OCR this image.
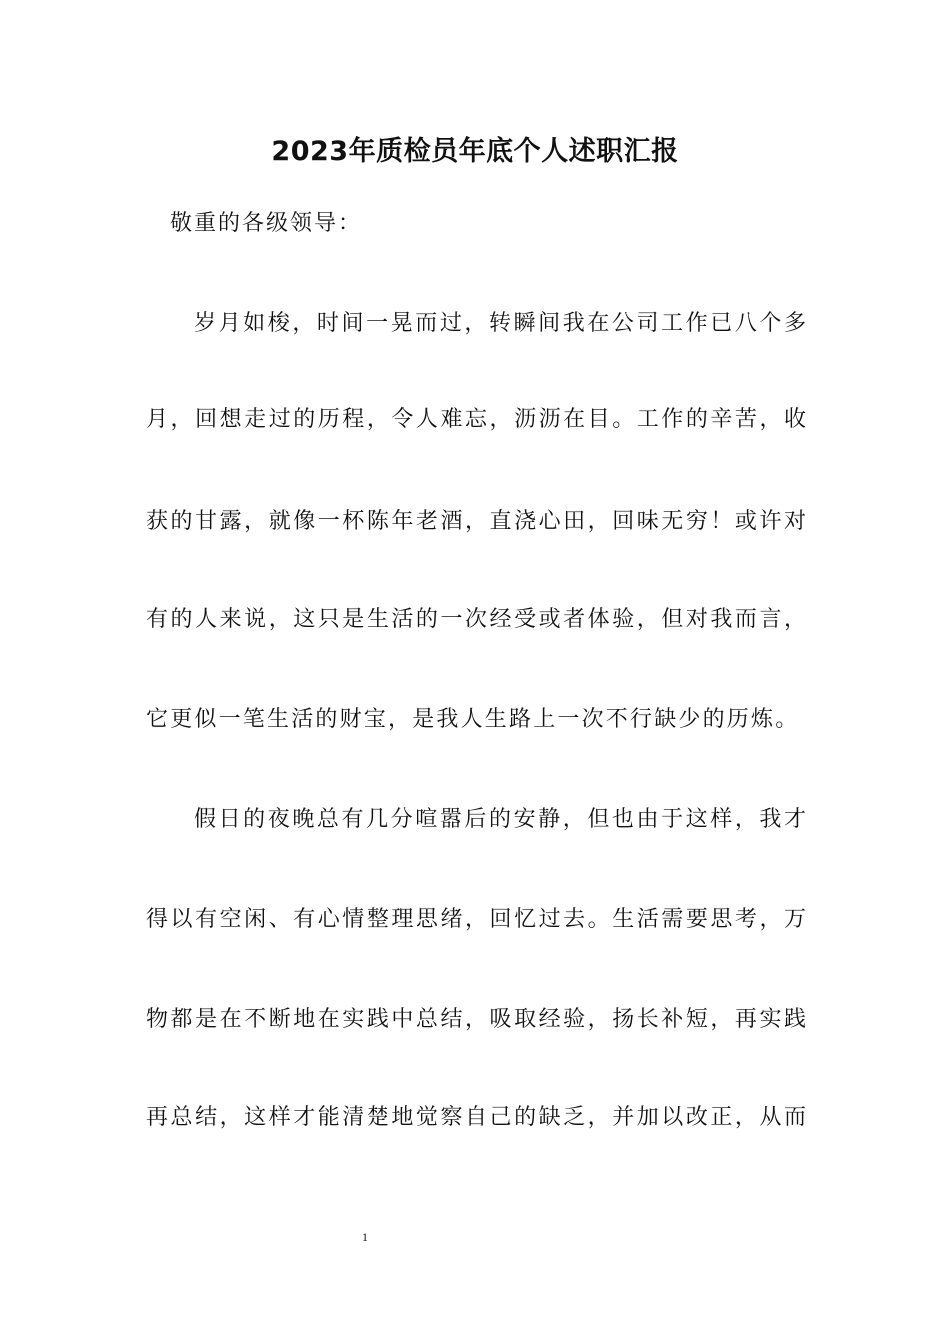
2023年质检员年底个人述职汇报
敬重的各级领导：
岁月如梭，时间一晃而过，转瞬间我在公司工作已八个多
月，回想走过的历程，令人难忘，沥沥在目。工作的辛苦，收
获的甘露，就像一杯陈年老酒，直浇心田，回味无穷！或许对
有的人来说，这只是生活的一次经受或者体验，但对我而言，
它更似一笔生活的财宝，是我人生路上一次不行缺少的历炼。
假日的夜晚总有几分喧嚣后的安静，但也由于这样，我才
得以有空闲、有心情整理思绪，回忆过去。生活需要思考，万
物都是在不断地在实践中总结，吸取经验，扬长补短，再实践
再总结，这样才能清楚地觉察自己的缺乏，并加以改正，从而
1
